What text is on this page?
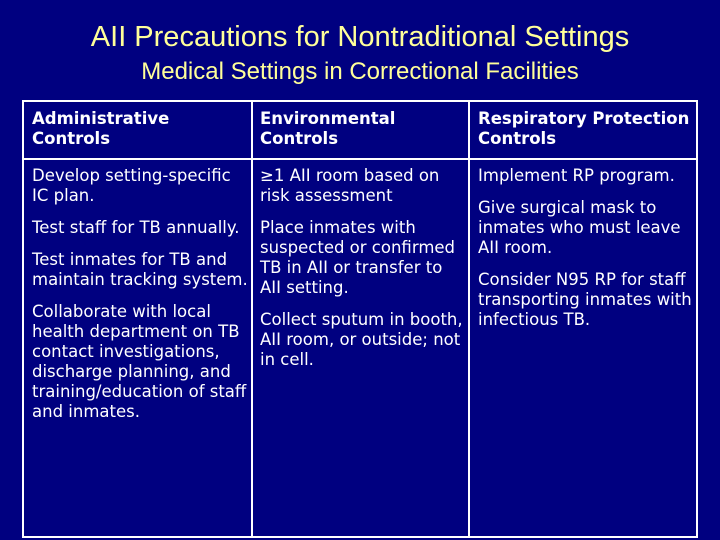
AII Precautions for Nontraditional Settings
Medical Settings in Correctional Facilities
Administrative Controls
Environmental Controls
Respiratory Protection Controls

Develop setting-specific IC plan.

Test staff for TB annually.

Test inmates for TB and maintain tracking system.

Collaborate with local health department on TB contact investigations, discharge planning, and training/education of staff and inmates.

≥1 AII room based on risk assessment

Place inmates with suspected or confirmed TB in AII or transfer to AII setting.

Collect sputum in booth, AII room, or outside; not in cell.

Implement RP program.

Give surgical mask to inmates who must leave AII room.

Consider N95 RP for staff transporting inmates with infectious TB.
